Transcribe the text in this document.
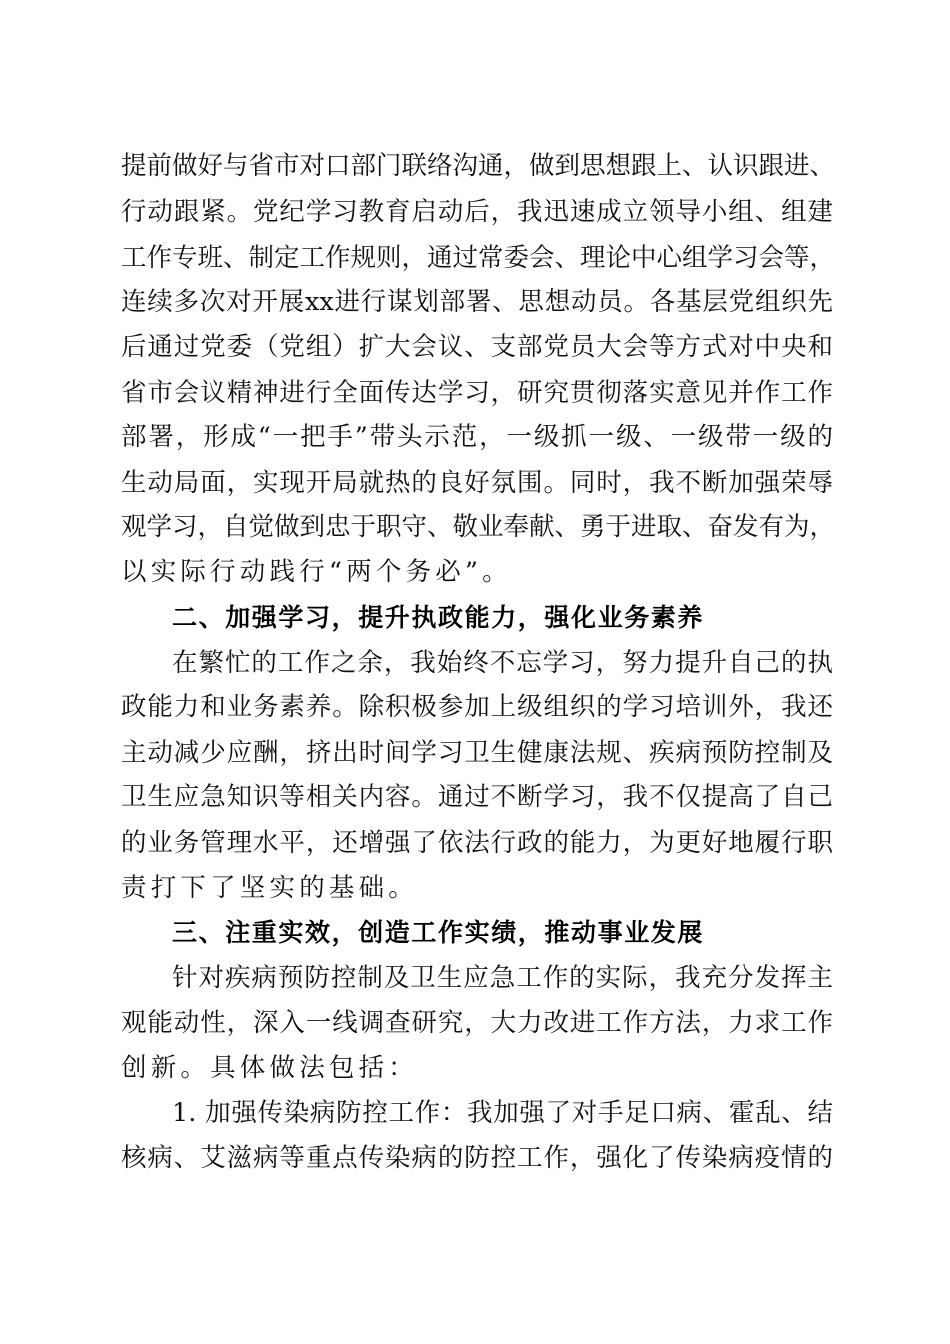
提前做好与省市对口部门联络沟通，做到思想跟上、认识跟进、
行动跟紧。党纪学习教育启动后，我迅速成立领导小组、组建
工作专班、制定工作规则，通过常委会、理论中心组学习会等，
连续多次对开展xx进行谋划部署、思想动员。各基层党组织先
后通过党委（党组）扩大会议、支部党员大会等方式对中央和
省市会议精神进行全面传达学习，研究贯彻落实意见并作工作
部署，形成“一把手”带头示范，一级抓一级、一级带一级的
生动局面，实现开局就热的良好氛围。同时，我不断加强荣辱
观学习，自觉做到忠于职守、敬业奉献、勇于进取、奋发有为，
以实际行动践行“两个务必”。
二、加强学习，提升执政能力，强化业务素养
在繁忙的工作之余，我始终不忘学习，努力提升自己的执
政能力和业务素养。除积极参加上级组织的学习培训外，我还
主动减少应酬，挤出时间学习卫生健康法规、疾病预防控制及
卫生应急知识等相关内容。通过不断学习，我不仅提高了自己
的业务管理水平，还增强了依法行政的能力，为更好地履行职
责打下了坚实的基础。
三、注重实效，创造工作实绩，推动事业发展
针对疾病预防控制及卫生应急工作的实际，我充分发挥主
观能动性，深入一线调查研究，大力改进工作方法，力求工作
创新。具体做法包括：
1. 加强传染病防控工作：我加强了对手足口病、霍乱、结
核病、艾滋病等重点传染病的防控工作，强化了传染病疫情的
